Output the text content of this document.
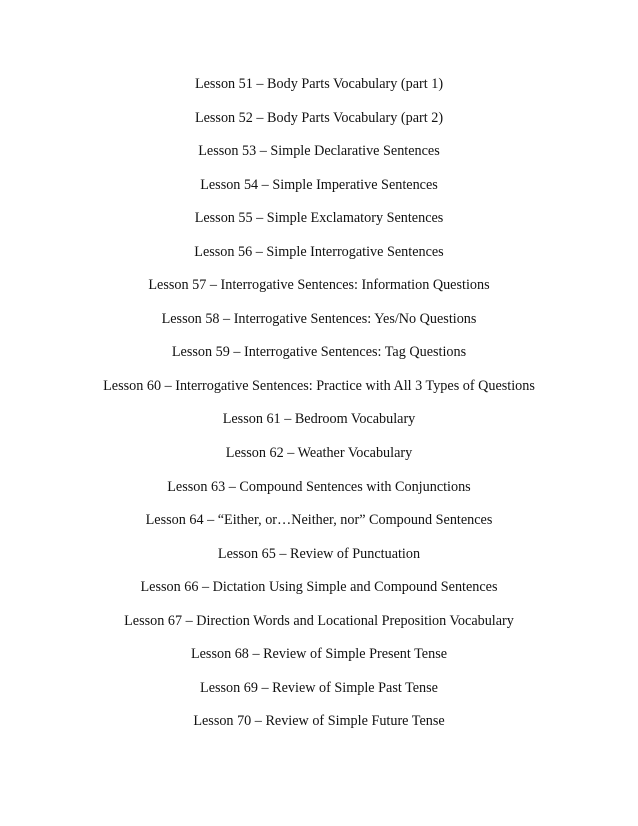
Lesson 51 – Body Parts Vocabulary (part 1)
Lesson 52 – Body Parts Vocabulary (part 2)
Lesson 53 – Simple Declarative Sentences
Lesson 54 – Simple Imperative Sentences
Lesson 55 – Simple Exclamatory Sentences
Lesson 56 – Simple Interrogative Sentences
Lesson 57 – Interrogative Sentences: Information Questions
Lesson 58 – Interrogative Sentences: Yes/No Questions
Lesson 59 – Interrogative Sentences: Tag Questions
Lesson 60 – Interrogative Sentences: Practice with All 3 Types of Questions
Lesson 61 – Bedroom Vocabulary
Lesson 62 – Weather Vocabulary
Lesson 63 – Compound Sentences with Conjunctions
Lesson 64 – “Either, or…Neither, nor” Compound Sentences
Lesson 65 – Review of Punctuation
Lesson 66 – Dictation Using Simple and Compound Sentences
Lesson 67 – Direction Words and Locational Preposition Vocabulary
Lesson 68 – Review of Simple Present Tense
Lesson 69 – Review of Simple Past Tense
Lesson 70 – Review of Simple Future Tense
